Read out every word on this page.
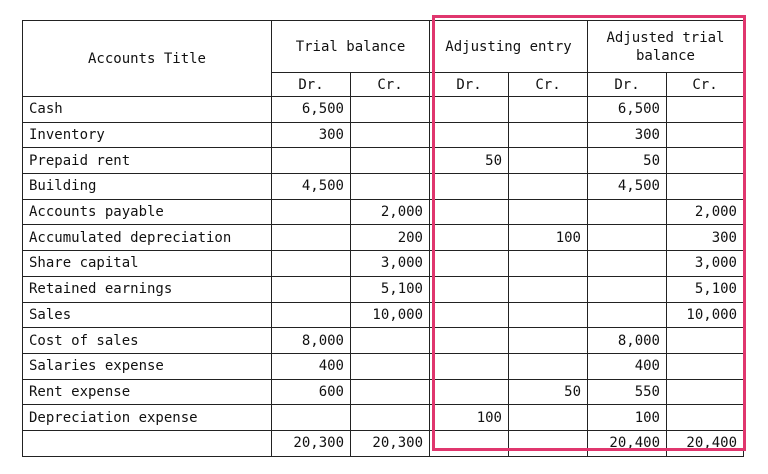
Accounts Title	Trial balance		Adjusting entry		Adjusted trial balance	
	Dr.	Cr.	Dr.	Cr.	Dr.	Cr.
Cash	6,500				6,500	
Inventory	300				300	
Prepaid rent			50		50	
Building	4,500				4,500	
Accounts payable		2,000				2,000
Accumulated depreciation		200		100		300
Share capital		3,000				3,000
Retained earnings		5,100				5,100
Sales		10,000				10,000
Cost of sales	8,000				8,000	
Salaries expense	400				400	
Rent expense	600			50	550	
Depreciation expense			100		100	
	20,300	20,300			20,400	20,400
